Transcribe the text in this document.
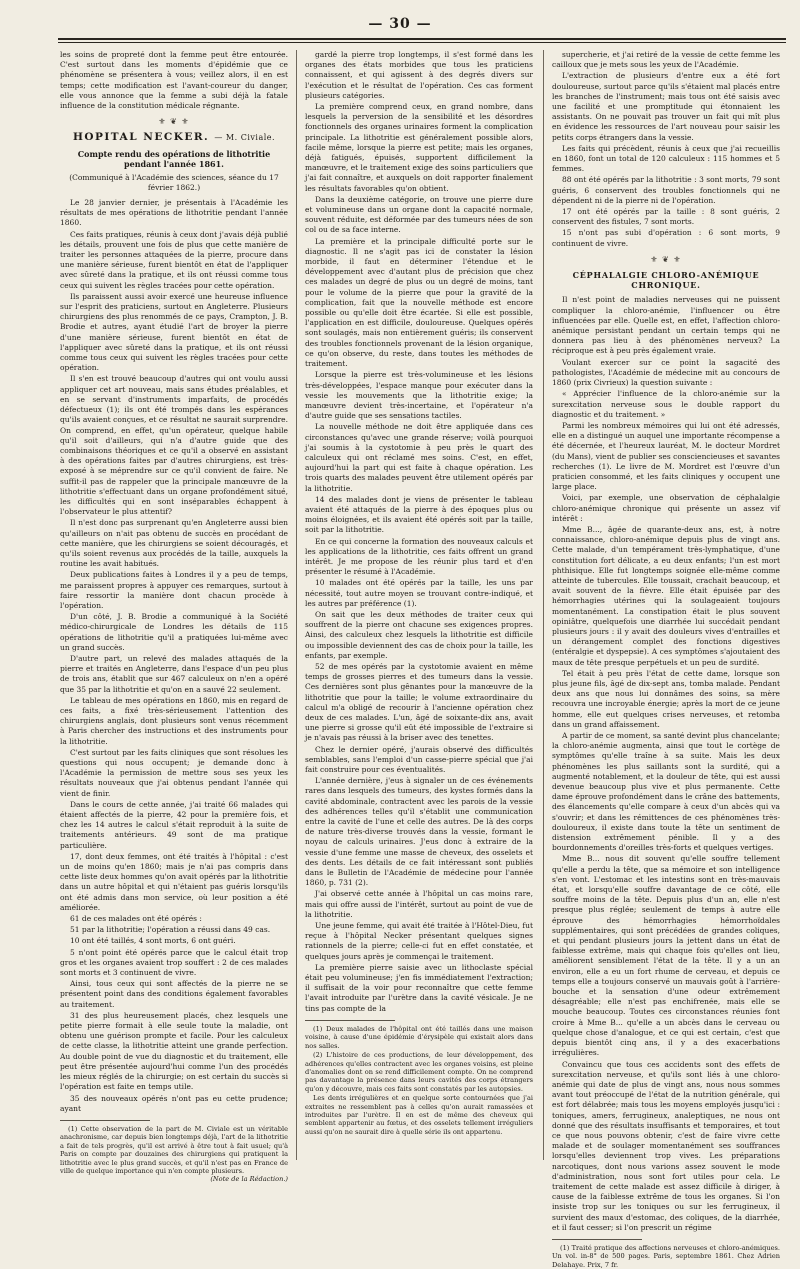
— 30 —

les soins de propreté dont la femme peut être entourée. C'est surtout dans les moments d'épidémie que ce phénomène se présentera à vous; veillez alors, il en est temps; cette modification est l'avant-coureur du danger, elle vous annonce que la femme a subi déjà la fatale influence de la constitution médicale régnante.

⚜ ❦ ⚜
HOPITAL NECKER. — M. Civiale.
Compte rendu des opérations de lithotritie pendant l'année 1861.
(Communiqué à l'Académie des sciences, séance du 17 février 1862.)

Le 28 janvier dernier, je présentais à l'Académie les résultats de mes opérations de lithotritie pendant l'année 1860.

Ces faits pratiques, réunis à ceux dont j'avais déjà publié les détails, prouvent une fois de plus que cette manière de traiter les personnes attaquées de la pierre, procure dans une manière sérieuse, furent bientôt en état de l'appliquer avec sûreté dans la pratique, et ils ont réussi comme tous ceux qui suivent les règles tracées pour cette opération.

Ils paraissent aussi avoir exercé une heureuse influence sur l'esprit des praticiens, surtout en Angleterre. Plusieurs chirurgiens des plus renommés de ce pays, Crampton, J. B. Brodie et autres, ayant étudié l'art de broyer la pierre d'une manière sérieuse, furent bientôt en état de l'appliquer avec sûreté dans la pratique, et ils ont réussi comme tous ceux qui suivent les règles tracées pour cette opération.

Il s'en est trouvé beaucoup d'autres qui ont voulu aussi appliquer cet art nouveau, mais sans études préalables, et en se servant d'instruments imparfaits, de procédés défectueux (1); ils ont été trompés dans les espérances qu'ils avaient conçues, et ce résultat ne saurait surprendre. On comprend, en effet, qu'un opérateur, quelque habile qu'il soit d'ailleurs, qui n'a d'autre guide que des combinaisons théoriques et ce qu'il a observé en assistant à des opérations faites par d'autres chirurgiens, est très-exposé à se méprendre sur ce qu'il convient de faire. Ne suffit-il pas de rappeler que la principale manœuvre de la lithotritie s'effectuant dans un organe profondément situé, les difficultés qui en sont inséparables échappent à l'observateur le plus attentif?

Il n'est donc pas surprenant qu'en Angleterre aussi bien qu'ailleurs on n'ait pas obtenu de succès en procédant de cette manière, que les chirurgiens se soient découragés, et qu'ils soient revenus aux procédés de la taille, auxquels la routine les avait habitués.

Deux publications faites à Londres il y a peu de temps, me paraissent propres à appuyer ces remarques, surtout à faire ressortir la manière dont chacun procède à l'opération.

D'un côté, J. B. Brodie a communiqué à la Société médico-chirurgicale de Londres les détails de 115 opérations de lithotritie qu'il a pratiquées lui-même avec un grand succès.

D'autre part, un relevé des malades attaqués de la pierre et traités en Angleterre, dans l'espace d'un peu plus de trois ans, établit que sur 467 calculeux on n'en a opéré que 35 par la lithotritie et qu'on en a sauvé 22 seulement.

Le tableau de mes opérations en 1860, mis en regard de ces faits, a fixé très-sérieusement l'attention des chirurgiens anglais, dont plusieurs sont venus récemment à Paris chercher des instructions et des instruments pour la lithotritie.

C'est surtout par les faits cliniques que sont résolues les questions qui nous occupent; je demande donc à l'Académie la permission de mettre sous ses yeux les résultats nouveaux que j'ai obtenus pendant l'année qui vient de finir.

Dans le cours de cette année, j'ai traité 66 malades qui étaient affectés de la pierre, 42 pour la première fois, et chez les 14 autres le calcul s'était reproduit à la suite de traitements antérieurs. 49 sont de ma pratique particulière.

17, dont deux femmes, ont été traités à l'hôpital : c'est un de moins qu'en 1860; mais je n'ai pas compris dans cette liste deux hommes qu'on avait opérés par la lithotritie dans un autre hôpital et qui n'étaient pas guéris lorsqu'ils ont été admis dans mon service, où leur position a été améliorée.

61 de ces malades ont été opérés :

51 par la lithotritie; l'opération a réussi dans 49 cas.

10 ont été taillés, 4 sont morts, 6 ont guéri.

5 n'ont point été opérés parce que le calcul était trop gros et les organes avaient trop souffert : 2 de ces malades sont morts et 3 continuent de vivre.

Ainsi, tous ceux qui sont affectés de la pierre ne se présentent point dans des conditions également favorables au traitement.

31 des plus heureusement placés, chez lesquels une petite pierre formait à elle seule toute la maladie, ont obtenu une guérison prompte et facile. Pour les calculeux de cette classe, la lithotritie atteint une grande perfection. Au double point de vue du diagnostic et du traitement, elle peut être présentée aujourd'hui comme l'un des procédés les mieux réglés de la chirurgie; on est certain du succès si l'opération est faite en temps utile.

35 des nouveaux opérés n'ont pas eu cette prudence; ayant

(1) Cette observation de la part de M. Civiale est un véritable anachronisme, car depuis bien longtemps déjà, l'art de la lithotritie a fait de tels progrès, qu'il est arrivé à être tout à fait usuel; qu'à Paris on compte par douzaines des chirurgiens qui pratiquent la lithotritie avec le plus grand succès, et qu'il n'est pas en France de ville de quelque importance qui n'en compte plusieurs.
(Note de la Rédaction.)

gardé la pierre trop longtemps, il s'est formé dans les organes des états morbides que tous les praticiens connaissent, et qui agissent à des degrés divers sur l'exécution et le résultat de l'opération. Ces cas forment plusieurs catégories.

La première comprend ceux, en grand nombre, dans lesquels la perversion de la sensibilité et les désordres fonctionnels des organes urinaires forment la complication principale. La lithotritie est généralement possible alors, facile même, lorsque la pierre est petite; mais les organes, déjà fatigués, épuisés, supportent difficilement la manœuvre, et le traitement exige des soins particuliers que j'ai fait connaître, et auxquels on doit rapporter finalement les résultats favorables qu'on obtient.

Dans la deuxième catégorie, on trouve une pierre dure et volumineuse dans un organe dont la capacité normale, souvent réduite, est déformée par des tumeurs nées de son col ou de sa face interne.

La première et la principale difficulté porte sur le diagnostic. Il ne s'agit pas ici de constater la lésion morbide, il faut en déterminer l'étendue et le développement avec d'autant plus de précision que chez ces malades un degré de plus ou un degré de moins, tant pour le volume de la pierre que pour la gravité de la complication, fait que la nouvelle méthode est encore possible ou qu'elle doit être écartée. Si elle est possible, l'application en est difficile, douloureuse. Quelques opérés sont soulagés, mais non entièrement guéris; ils conservent des troubles fonctionnels provenant de la lésion organique, ce qu'on observe, du reste, dans toutes les méthodes de traitement.

Lorsque la pierre est très-volumineuse et les lésions très-développées, l'espace manque pour exécuter dans la vessie les mouvements que la lithotritie exige; la manœuvre devient très-incertaine, et l'opérateur n'a d'autre guide que ses sensations tactiles.

La nouvelle méthode ne doit être appliquée dans ces circonstances qu'avec une grande réserve; voilà pourquoi j'ai soumis à la cystotomie à peu près le quart des calculeux qui ont réclamé mes soins. C'est, en effet, aujourd'hui la part qui est faite à chaque opération. Les trois quarts des malades peuvent être utilement opérés par la lithotritie.

14 des malades dont je viens de présenter le tableau avaient été attaqués de la pierre à des époques plus ou moins éloignées, et ils avaient été opérés soit par la taille, soit par la lithotritie.

En ce qui concerne la formation des nouveaux calculs et les applications de la lithotritie, ces faits offrent un grand intérêt. Je me propose de les réunir plus tard et d'en présenter le résumé à l'Académie.

10 malades ont été opérés par la taille, les uns par nécessité, tout autre moyen se trouvant contre-indiqué, et les autres par préférence (1).

On sait que les deux méthodes de traiter ceux qui souffrent de la pierre ont chacune ses exigences propres. Ainsi, des calculeux chez lesquels la lithotritie est difficile ou impossible deviennent des cas de choix pour la taille, les enfants, par exemple.

52 de mes opérés par la cystotomie avaient en même temps de grosses pierres et des tumeurs dans la vessie. Ces dernières sont plus gênantes pour la manœuvre de la lithotritie que pour la taille; le volume extraordinaire du calcul m'a obligé de recourir à l'ancienne opération chez deux de ces malades. L'un, âgé de soixante-dix ans, avait une pierre si grosse qu'il eût été impossible de l'extraire si je n'avais pas réussi à la briser avec des tenettes.

Chez le dernier opéré, j'aurais observé des difficultés semblables, sans l'emploi d'un casse-pierre spécial que j'ai fait construire pour ces éventualités.

L'année dernière, j'eus à signaler un de ces événements rares dans lesquels des tumeurs, des kystes formés dans la cavité abdominale, contractent avec les parois de la vessie des adhérences telles qu'il s'établit une communication entre la cavité de l'une et celle des autres. De là des corps de nature très-diverse trouvés dans la vessie, formant le noyau de calculs urinaires. J'eus donc à extraire de la vessie d'une femme une masse de cheveux, des osselets et des dents. Les détails de ce fait intéressant sont publiés dans le Bulletin de l'Académie de médecine pour l'année 1860, p. 731 (2).

J'ai observé cette année à l'hôpital un cas moins rare, mais qui offre aussi de l'intérêt, surtout au point de vue de la lithotritie.

Une jeune femme, qui avait été traitée à l'Hôtel-Dieu, fut reçue à l'hôpital Necker présentant quelques signes rationnels de la pierre; celle-ci fut en effet constatée, et quelques jours après je commençai le traitement.

La première pierre saisie avec un lithoclaste spécial était peu volumineuse; j'en fis immédiatement l'extraction; il suffisait de la voir pour reconnaître que cette femme l'avait introduite par l'urètre dans la cavité vésicale. Je ne tins pas compte de la

(1) Deux malades de l'hôpital ont été taillés dans une maison voisine, à cause d'une épidémie d'érysipèle qui existait alors dans nos salles.

(2) L'histoire de ces productions, de leur développement, des adhérences qu'elles contractent avec les organes voisins, est pleine d'anomalies dont on se rend difficilement compte. On ne comprend pas davantage la présence dans leurs cavités des corps étrangers qu'on y découvre, mais ces faits sont constatés par les autopsies.

Les dents irrégulières et en quelque sorte contournées que j'ai extraites ne ressemblent pas à celles qu'on aurait ramassées et introduites par l'urètre. Il en est de même des cheveux qui semblent appartenir au fœtus, et des osselets tellement irréguliers aussi qu'on ne saurait dire à quelle série ils ont appartenu.

supercherie, et j'ai retiré de la vessie de cette femme les cailloux que je mets sous les yeux de l'Académie.

L'extraction de plusieurs d'entre eux a été fort douloureuse, surtout parce qu'ils s'étaient mal placés entre les branches de l'instrument; mais tous ont été saisis avec une facilité et une promptitude qui étonnaient les assistants. On ne pouvait pas trouver un fait qui mît plus en évidence les ressources de l'art nouveau pour saisir les petits corps étrangers dans la vessie.

Les faits qui précèdent, réunis à ceux que j'ai recueillis en 1860, font un total de 120 calculeux : 115 hommes et 5 femmes.

88 ont été opérés par la lithotritie : 3 sont morts, 79 sont guéris, 6 conservent des troubles fonctionnels qui ne dépendent ni de la pierre ni de l'opération.

17 ont été opérés par la taille : 8 sont guéris, 2 conservent des fistules, 7 sont morts.

15 n'ont pas subi d'opération : 6 sont morts, 9 continuent de vivre.

⚜ ❦ ⚜
CÉPHALALGIE CHLORO-ANÉMIQUE CHRONIQUE.

Il n'est point de maladies nerveuses qui ne puissent compliquer la chloro-anémie, l'influencer ou être influencées par elle. Quelle est, en effet, l'affection chloro-anémique persistant pendant un certain temps qui ne donnera pas lieu à des phénomènes nerveux? La réciproque est à peu près également vraie.

Voulant exercer sur ce point la sagacité des pathologistes, l'Académie de médecine mit au concours de 1860 (prix Civrieux) la question suivante :

« Apprécier l'influence de la chloro-anémie sur la surexcitation nerveuse sous le double rapport du diagnostic et du traitement. »

Parmi les nombreux mémoires qui lui ont été adressés, elle en a distingué un auquel une importante récompense a été décernée, et l'heureux lauréat, M. le docteur Mordret (du Mans), vient de publier ses consciencieuses et savantes recherches (1). Le livre de M. Mordret est l'œuvre d'un praticien consommé, et les faits cliniques y occupent une large place.

Voici, par exemple, une observation de céphalalgie chloro-anémique chronique qui présente un assez vif intérêt :

Mme B..., âgée de quarante-deux ans, est, à notre connaissance, chloro-anémique depuis plus de vingt ans. Cette malade, d'un tempérament très-lymphatique, d'une constitution fort délicate, a eu deux enfants; l'un est mort phthisique. Elle fut longtemps soignée elle-même comme atteinte de tubercules. Elle toussait, crachait beaucoup, et avait souvent de la fièvre. Elle était épuisée par des hémorrhagies utérines qui la soulageaient toujours momentanément. La constipation était le plus souvent opiniâtre, quelquefois une diarrhée lui succédait pendant plusieurs jours : il y avait des douleurs vives d'entrailles et un dérangement complet des fonctions digestives (entéralgie et dyspepsie). A ces symptômes s'ajoutaient des maux de tête presque perpétuels et un peu de surdité.

Tel était à peu près l'état de cette dame, lorsque son plus jeune fils, âgé de dix-sept ans, tomba malade. Pendant deux ans que nous lui donnâmes des soins, sa mère recouvra une incroyable énergie; après la mort de ce jeune homme, elle eut quelques crises nerveuses, et retomba dans un grand affaissement.

A partir de ce moment, sa santé devint plus chancelante; la chloro-anémie augmenta, ainsi que tout le cortège de symptômes qu'elle traîne à sa suite. Mais les deux phénomènes les plus saillants sont la surdité, qui a augmenté notablement, et la douleur de tête, qui est aussi devenue beaucoup plus vive et plus permanente. Cette dame éprouve profondément dans le crâne des battements, des élancements qu'elle compare à ceux d'un abcès qui va s'ouvrir; et dans les rémittences de ces phénomènes très-douloureux, il existe dans toute la tête un sentiment de distension extrêmement pénible. Il y a des bourdonnements d'oreilles très-forts et quelques vertiges.

Mme B... nous dit souvent qu'elle souffre tellement qu'elle a perdu la tête, que sa mémoire et son intelligence s'en vont. L'estomac et les intestins sont en très-mauvais état, et lorsqu'elle souffre davantage de ce côté, elle souffre moins de la tête. Depuis plus d'un an, elle n'est presque plus réglée; seulement de temps à autre elle éprouve des hémorrhagies hémorrhoïdales supplémentaires, qui sont précédées de grandes coliques, et qui pendant plusieurs jours la jettent dans un état de faiblesse extrême, mais qui chaque fois qu'elles ont lieu, améliorent sensiblement l'état de la tête. Il y a un an environ, elle a eu un fort rhume de cerveau, et depuis ce temps elle a toujours conservé un mauvais goût à l'arrière-bouche et la sensation d'une odeur extrêmement désagréable; elle n'est pas enchifrenée, mais elle se mouche beaucoup. Toutes ces circonstances réunies font croire à Mme B... qu'elle a un abcès dans le cerveau ou quelque chose d'analogue, et ce qui est certain, c'est que depuis bientôt cinq ans, il y a des exacerbations irrégulières.

Convaincu que tous ces accidents sont des effets de surexcitation nerveuse, et qu'ils sont liés à une chloro-anémie qui date de plus de vingt ans, nous nous sommes avant tout préoccupé de l'état de la nutrition générale, qui est fort délabrée; mais tous les moyens employés jusqu'ici : toniques, amers, ferrugineux, analeptiques, ne nous ont donné que des résultats insuffisants et temporaires, et tout ce que nous pouvons obtenir, c'est de faire vivre cette malade et de soulager momentanément ses souffrances lorsqu'elles deviennent trop vives. Les préparations narcotiques, dont nous varions assez souvent le mode d'administration, nous sont fort utiles pour cela. Le traitement de cette malade est assez difficile à diriger, à cause de la faiblesse extrême de tous les organes. Si l'on insiste trop sur les toniques ou sur les ferrugineux, il survient des maux d'estomac, des coliques, de la diarrhée, et il faut cesser; si l'on prescrit un régime

(1) Traité pratique des affections nerveuses et chloro-anémiques. Un vol. in-8° de 500 pages. Paris, septembre 1861. Chez Adrien Delahaye. Prix, 7 fr.
